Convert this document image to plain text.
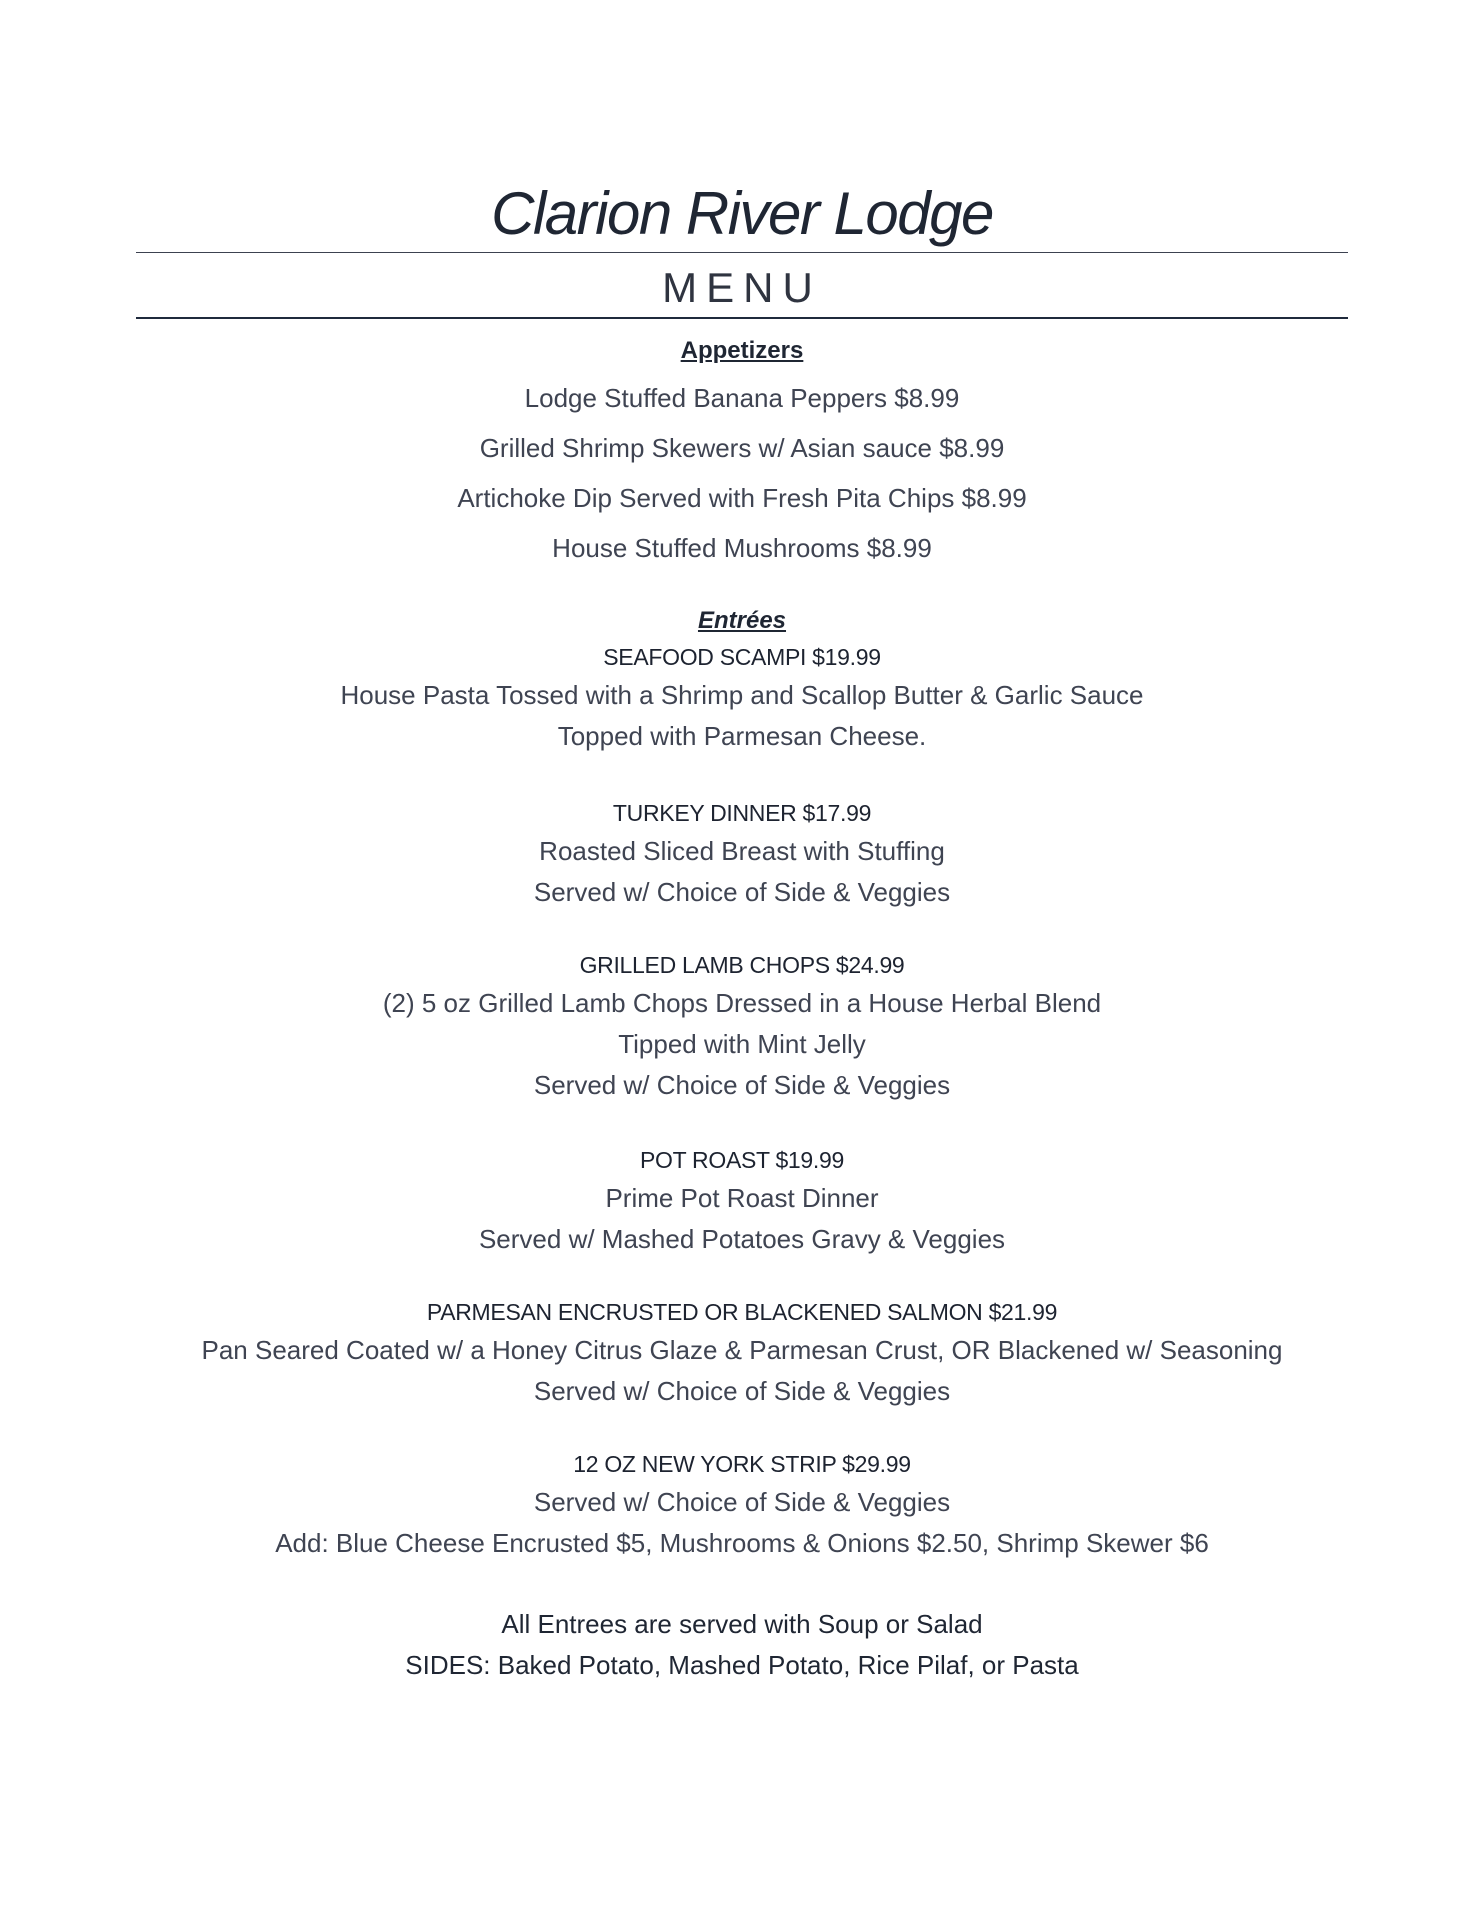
Clarion River Lodge
MENU

Appetizers

Lodge Stuffed Banana Peppers $8.99

Grilled Shrimp Skewers w/ Asian sauce $8.99

Artichoke Dip Served with Fresh Pita Chips $8.99

House Stuffed Mushrooms $8.99

Entrées

SEAFOOD SCAMPI $19.99

House Pasta Tossed with a Shrimp and Scallop Butter & Garlic Sauce

Topped with Parmesan Cheese.

TURKEY DINNER $17.99

Roasted Sliced Breast with Stuffing

Served w/ Choice of Side & Veggies

GRILLED LAMB CHOPS $24.99

(2) 5 oz Grilled Lamb Chops Dressed in a House Herbal Blend

Tipped with Mint Jelly

Served w/ Choice of Side & Veggies

POT ROAST $19.99

Prime Pot Roast Dinner

Served w/ Mashed Potatoes Gravy & Veggies

PARMESAN ENCRUSTED OR BLACKENED SALMON $21.99

Pan Seared Coated w/ a Honey Citrus Glaze & Parmesan Crust, OR Blackened w/ Seasoning

Served w/ Choice of Side & Veggies

12 OZ NEW YORK STRIP $29.99

Served w/ Choice of Side & Veggies

Add: Blue Cheese Encrusted $5, Mushrooms & Onions $2.50, Shrimp Skewer $6

All Entrees are served with Soup or Salad

SIDES: Baked Potato, Mashed Potato, Rice Pilaf, or Pasta
